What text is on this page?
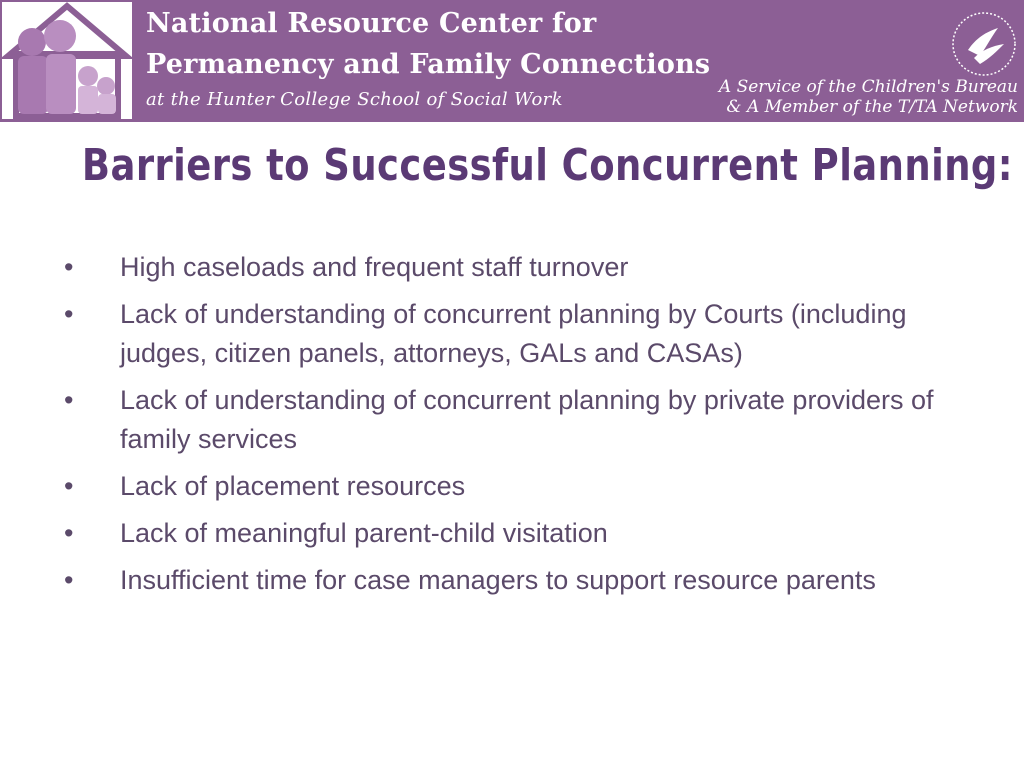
National Resource Center for
Permanency and Family Connections
at the Hunter College School of Social Work
A Service of the Children's Bureau
& A Member of the T/TA Network
Barriers to Successful Concurrent Planning:
•	High caseloads and frequent staff turnover
•	Lack of understanding of concurrent planning by Courts (including judges, citizen panels, attorneys, GALs and CASAs)
•	Lack of understanding of concurrent planning by private providers of family services
•	Lack of placement resources
•	Lack of meaningful parent-child visitation
•	Insufficient time for case managers to support resource parents
